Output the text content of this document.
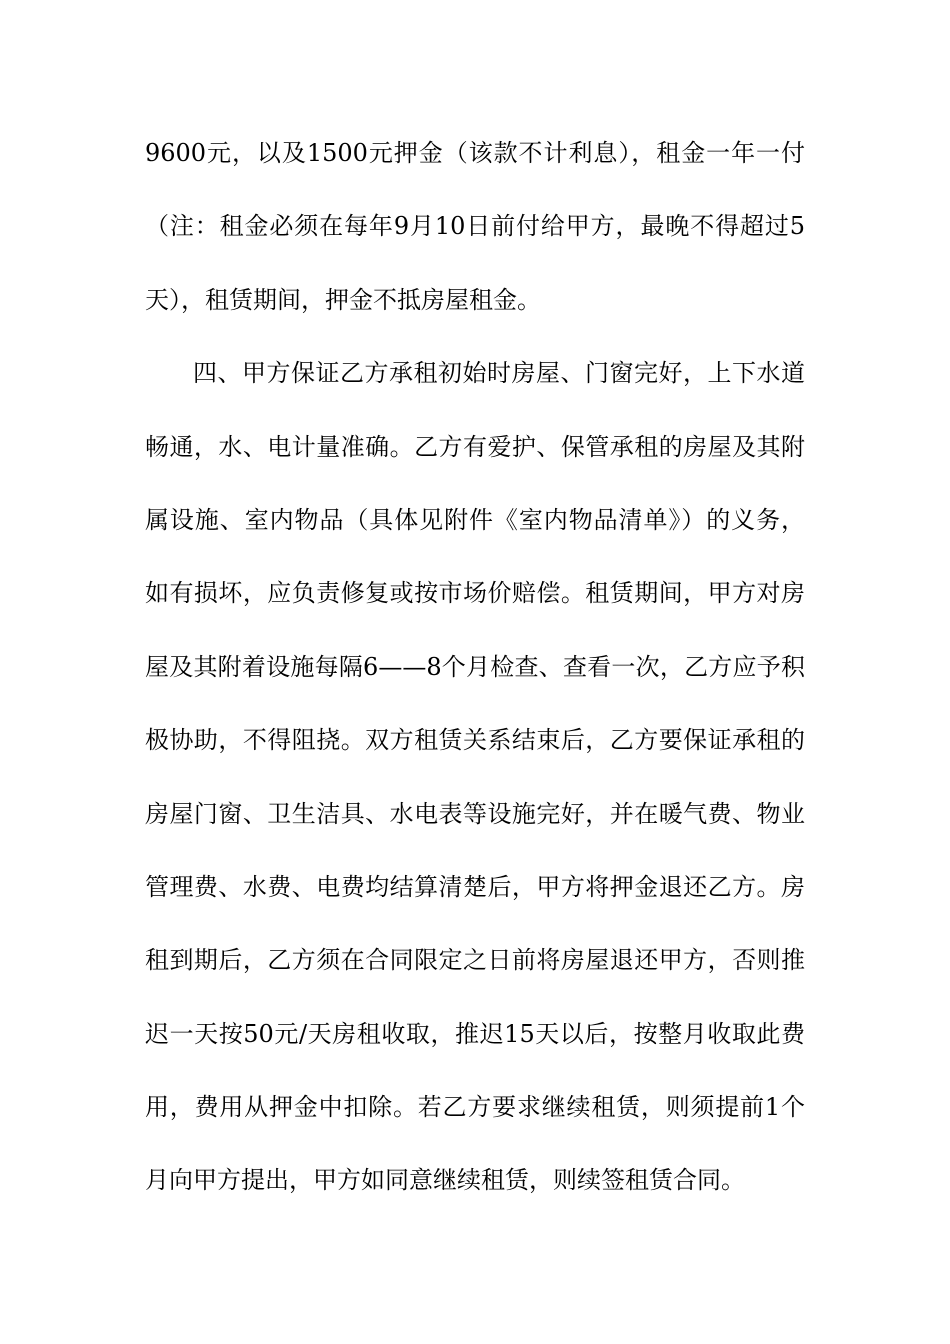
9600元，以及1500元押金（该款不计利息），租金一年一付
（注：租金必须在每年9月10日前付给甲方，最晚不得超过5
天），租赁期间，押金不抵房屋租金。
四、甲方保证乙方承租初始时房屋、门窗完好，上下水道
畅通，水、电计量准确。乙方有爱护、保管承租的房屋及其附
属设施、室内物品（具体见附件《室内物品清单》）的义务，
如有损坏，应负责修复或按市场价赔偿。租赁期间，甲方对房
屋及其附着设施每隔6——8个月检查、查看一次，乙方应予积
极协助，不得阻挠。双方租赁关系结束后，乙方要保证承租的
房屋门窗、卫生洁具、水电表等设施完好，并在暖气费、物业
管理费、水费、电费均结算清楚后，甲方将押金退还乙方。房
租到期后，乙方须在合同限定之日前将房屋退还甲方，否则推
迟一天按50元/天房租收取，推迟15天以后，按整月收取此费
用，费用从押金中扣除。若乙方要求继续租赁，则须提前1个
月向甲方提出，甲方如同意继续租赁，则续签租赁合同。
